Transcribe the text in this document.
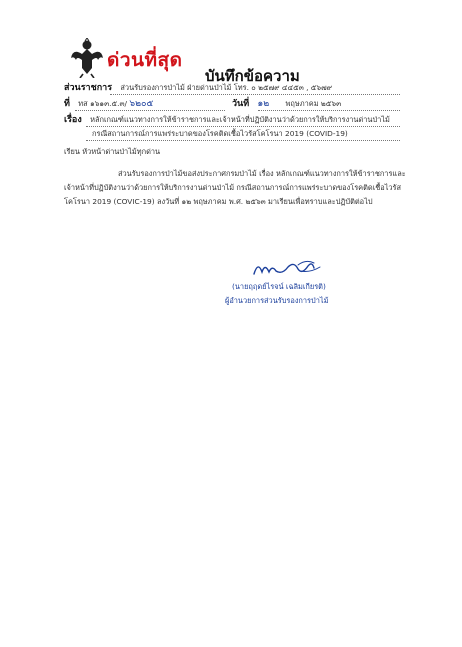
ด่วนที่สุด
บันทึกข้อความ
ส่วนราชการ ส่วนรับรองการป่าไม้ ฝ่ายด่านป่าไม้ โทร. ๐ ๒๕๗๙ ๔๔๕๓ , ๕๖๗๙
ที่ ทส ๑๖๑๓.๕.๓/ ๖๒๐๕	วันที่ ๑๒ พฤษภาคม ๒๕๖๓
เรื่อง หลักเกณฑ์แนวทางการให้ข้าราชการและเจ้าหน้าที่ปฏิบัติงานว่าด้วยการให้บริการงานด่านป่าไม้
กรณีสถานการณ์การแพร่ระบาดของโรคติดเชื้อไวรัสโคโรนา 2019 (COVID-19)
เรียน หัวหน้าด่านป่าไม้ทุกด่าน
ส่วนรับรองการป่าไม้ขอส่งประกาศกรมป่าไม้ เรื่อง หลักเกณฑ์แนวทางการให้ข้าราชการและ
เจ้าหน้าที่ปฏิบัติงานว่าด้วยการให้บริการงานด่านป่าไม้ กรณีสถานการณ์การแพร่ระบาดของโรคติดเชื้อไวรัส
โคโรนา 2019 (COVIC-19) ลงวันที่ ๑๒ พฤษภาคม พ.ศ. ๒๕๖๓ มาเรียนเพื่อทราบและปฏิบัติต่อไป
(นายฤฤดย์ไรจน์ เฉลิมเกียรติ)
ผู้อำนวยการส่วนรับรองการป่าไม้
